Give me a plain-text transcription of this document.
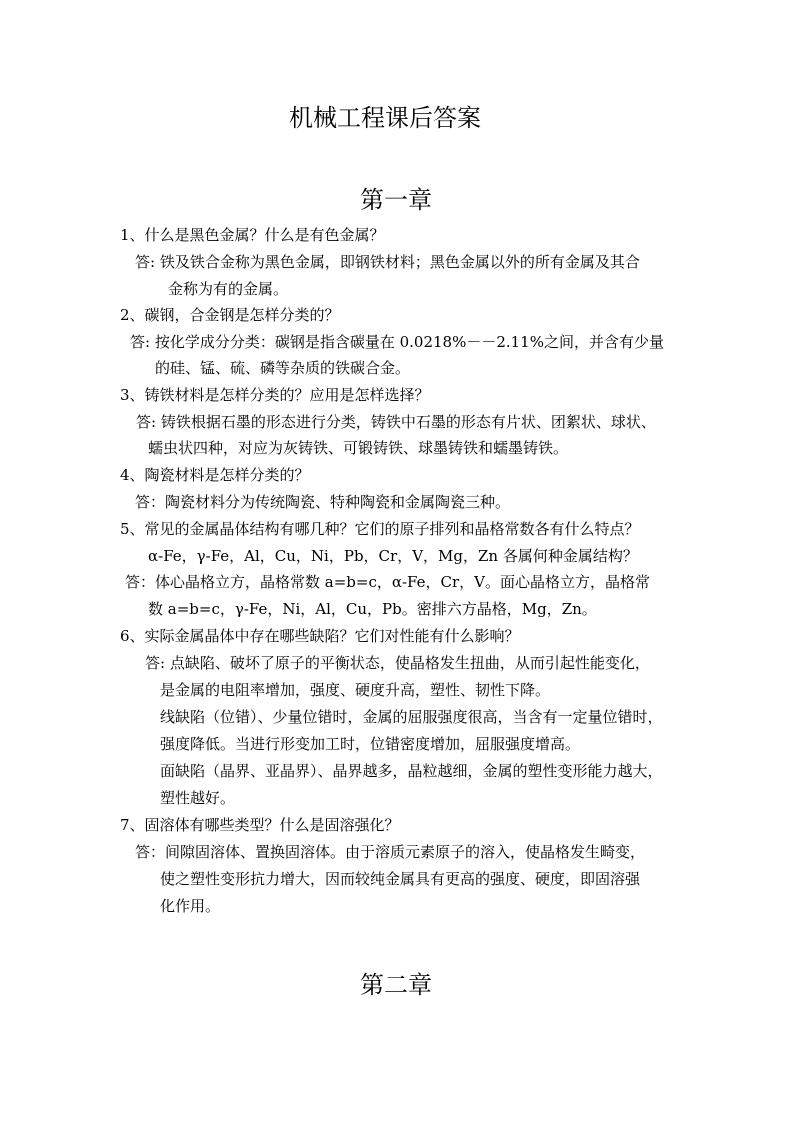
机械工程课后答案
第一章
1、什么是黑色金属？什么是有色金属？
答: 铁及铁合金称为黑色金属，即钢铁材料；黑色金属以外的所有金属及其合
金称为有的金属。
2、碳钢，合金钢是怎样分类的？
答: 按化学成分分类：碳钢是指含碳量在 0.0218%－－2.11%之间，并含有少量
的硅、锰、硫、磷等杂质的铁碳合金。
3、铸铁材料是怎样分类的？应用是怎样选择？
答: 铸铁根据石墨的形态进行分类，铸铁中石墨的形态有片状、团絮状、球状、
蠕虫状四种，对应为灰铸铁、可锻铸铁、球墨铸铁和蠕墨铸铁。
4、陶瓷材料是怎样分类的？
答：陶瓷材料分为传统陶瓷、特种陶瓷和金属陶瓷三种。
5、常见的金属晶体结构有哪几种？它们的原子排列和晶格常数各有什么特点？
α-Fe，γ-Fe，Al，Cu，Ni，Pb，Cr，V，Mg，Zn 各属何种金属结构？
答：体心晶格立方，晶格常数 a=b=c，α-Fe，Cr，V。面心晶格立方，晶格常
数 a=b=c，γ-Fe，Ni，Al，Cu，Pb。密排六方晶格，Mg，Zn。
6、实际金属晶体中存在哪些缺陷？它们对性能有什么影响？
答: 点缺陷、破坏了原子的平衡状态，使晶格发生扭曲，从而引起性能变化，
是金属的电阻率增加，强度、硬度升高，塑性、韧性下降。
线缺陷（位错）、少量位错时，金属的屈服强度很高，当含有一定量位错时，
强度降低。当进行形变加工时，位错密度增加，屈服强度增高。
面缺陷（晶界、亚晶界）、晶界越多，晶粒越细，金属的塑性变形能力越大，
塑性越好。
7、固溶体有哪些类型？什么是固溶强化？
答：间隙固溶体、置换固溶体。由于溶质元素原子的溶入，使晶格发生畸变，
使之塑性变形抗力增大，因而较纯金属具有更高的强度、硬度，即固溶强
化作用。
第二章
